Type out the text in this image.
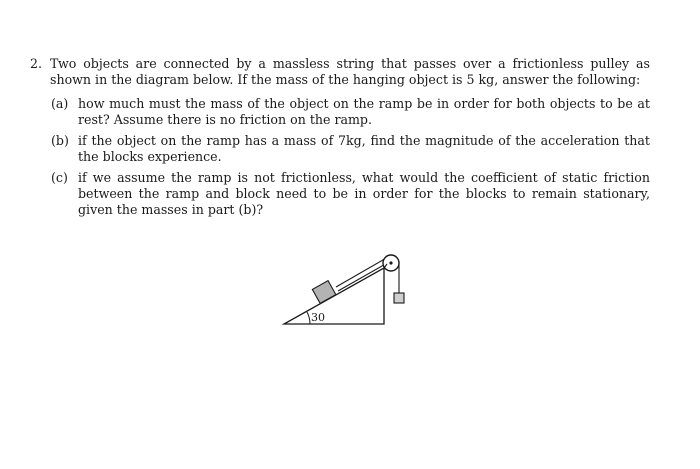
2. Two objects are connected by a massless string that passes over a frictionless pulley as shown in the diagram below. If the mass of the hanging object is 5 kg, answer the following:
(a) how much must the mass of the object on the ramp be in order for both objects to be at rest? Assume there is no friction on the ramp.
(b) if the object on the ramp has a mass of 7kg, find the magnitude of the acceleration that the blocks experience.
(c) if we assume the ramp is not frictionless, what would the coefficient of static friction between the ramp and block need to be in order for the blocks to remain stationary, given the masses in part (b)?
30
